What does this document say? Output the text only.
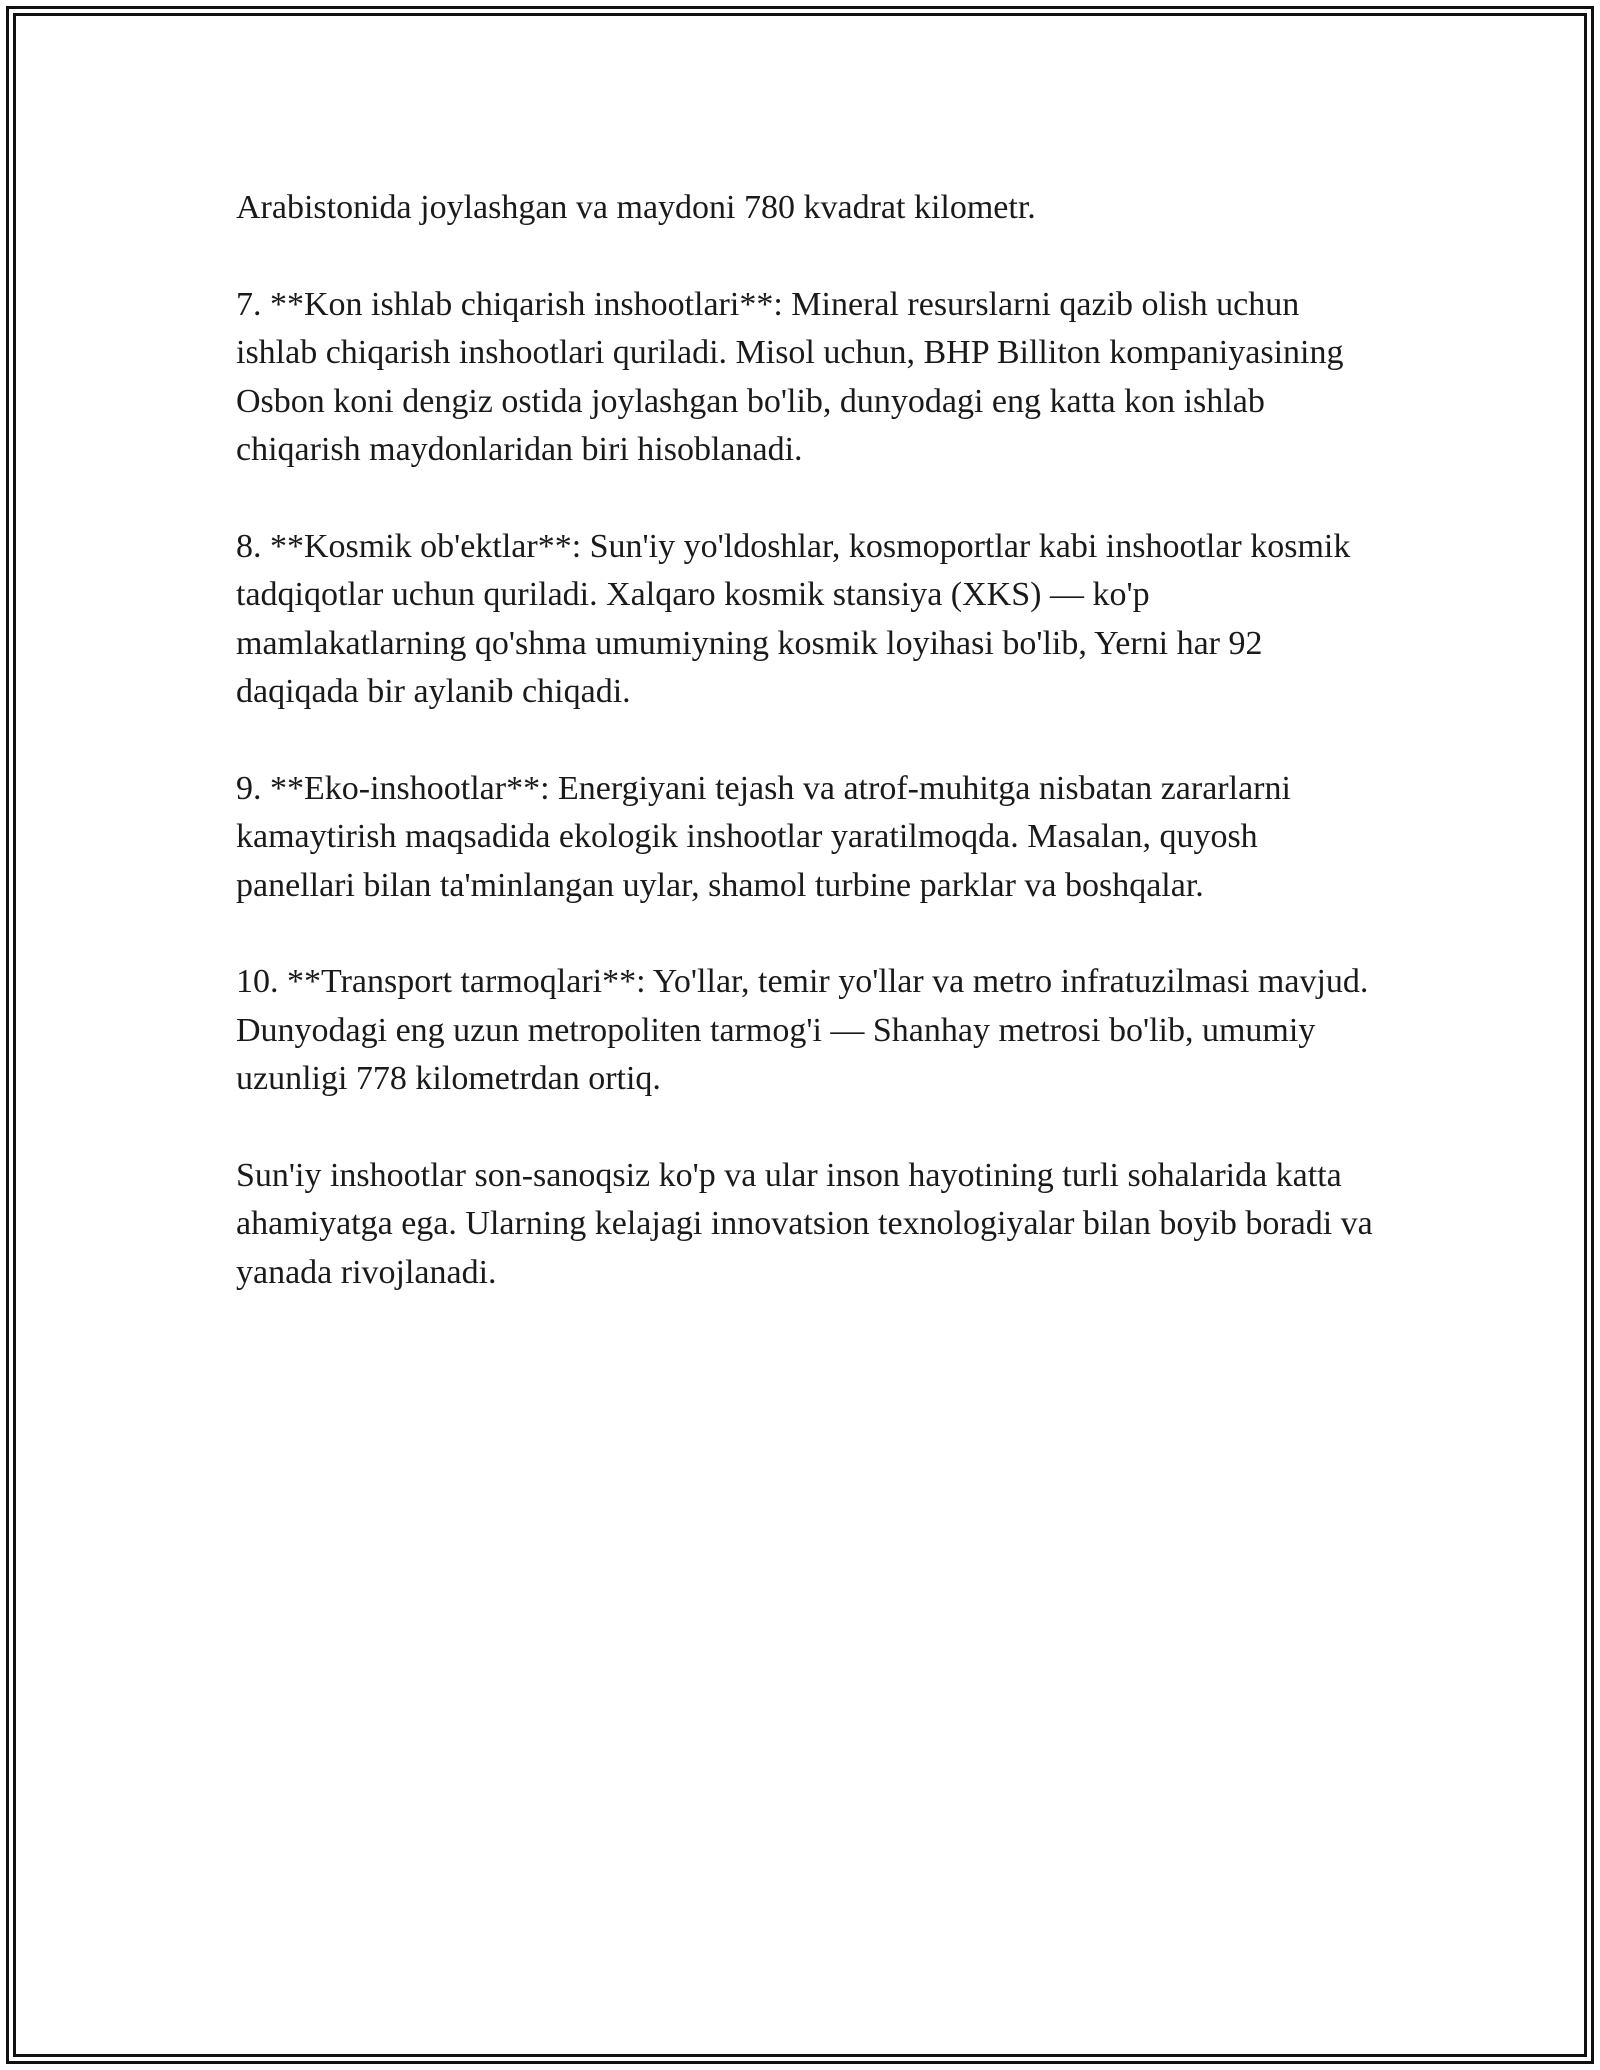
Arabistonida joylashgan va maydoni 780 kvadrat kilometr.

7. **Kon ishlab chiqarish inshootlari**: Mineral resurslarni qazib olish uchun ishlab chiqarish inshootlari quriladi. Misol uchun, BHP Billiton kompaniyasining Osbon koni dengiz ostida joylashgan bo'lib, dunyodagi eng katta kon ishlab chiqarish maydonlaridan biri hisoblanadi.

8. **Kosmik ob'ektlar**: Sun'iy yo'ldoshlar, kosmoportlar kabi inshootlar kosmik tadqiqotlar uchun quriladi. Xalqaro kosmik stansiya (XKS) — ko'p mamlakatlarning qo'shma umumiyning kosmik loyihasi bo'lib, Yerni har 92 daqiqada bir aylanib chiqadi.

9. **Eko-inshootlar**: Energiyani tejash va atrof-muhitga nisbatan zararlarni kamaytirish maqsadida ekologik inshootlar yaratilmoqda. Masalan, quyosh panellari bilan ta'minlangan uylar, shamol turbine parklar va boshqalar.

10. **Transport tarmoqlari**: Yo'llar, temir yo'llar va metro infratuzilmasi mavjud. Dunyodagi eng uzun metropoliten tarmog'i — Shanhay metrosi bo'lib, umumiy uzunligi 778 kilometrdan ortiq.

Sun'iy inshootlar son-sanoqsiz ko'p va ular inson hayotining turli sohalarida katta ahamiyatga ega. Ularning kelajagi innovatsion texnologiyalar bilan boyib boradi va yanada rivojlanadi.
